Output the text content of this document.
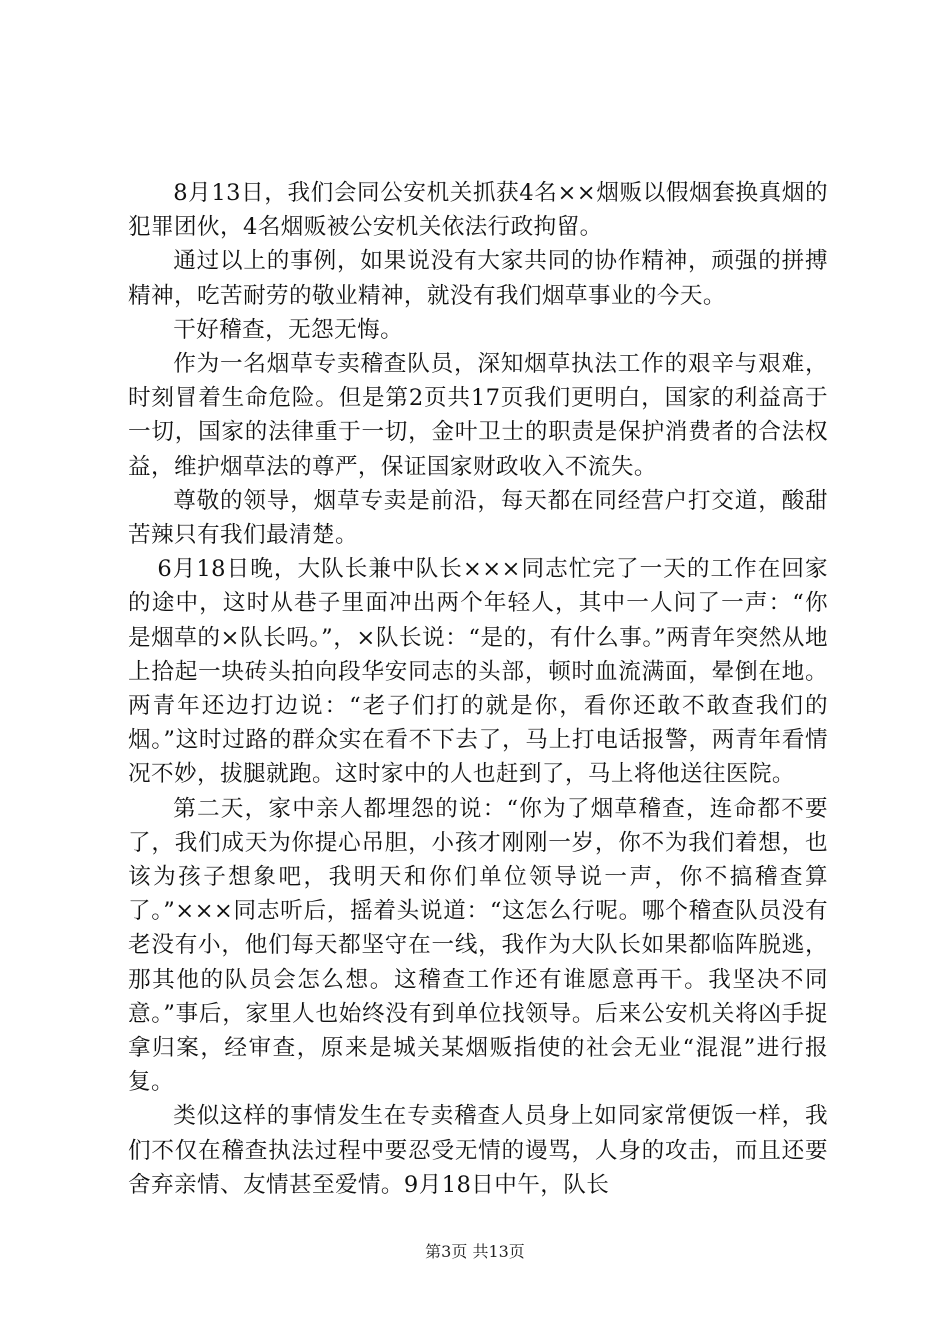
8月13日，我们会同公安机关抓获4名××烟贩以假烟套换真烟的犯罪团伙，4名烟贩被公安机关依法行政拘留。

通过以上的事例，如果说没有大家共同的协作精神，顽强的拼搏精神，吃苦耐劳的敬业精神，就没有我们烟草事业的今天。

干好稽查，无怨无悔。

作为一名烟草专卖稽查队员，深知烟草执法工作的艰辛与艰难，时刻冒着生命危险。但是第2页共17页我们更明白，国家的利益高于一切，国家的法律重于一切，金叶卫士的职责是保护消费者的合法权益，维护烟草法的尊严，保证国家财政收入不流失。

尊敬的领导，烟草专卖是前沿，每天都在同经营户打交道，酸甜苦辣只有我们最清楚。

6月18日晚，大队长兼中队长×××同志忙完了一天的工作在回家的途中，这时从巷子里面冲出两个年轻人，其中一人问了一声：“你是烟草的×队长吗。”，×队长说：“是的，有什么事。”两青年突然从地上拾起一块砖头拍向段华安同志的头部，顿时血流满面，晕倒在地。两青年还边打边说：“老子们打的就是你，看你还敢不敢查我们的烟。”这时过路的群众实在看不下去了，马上打电话报警，两青年看情况不妙，拔腿就跑。这时家中的人也赶到了，马上将他送往医院。

第二天，家中亲人都埋怨的说：“你为了烟草稽查，连命都不要了，我们成天为你提心吊胆，小孩才刚刚一岁，你不为我们着想，也该为孩子想象吧，我明天和你们单位领导说一声，你不搞稽查算了。”×××同志听后，摇着头说道：“这怎么行呢。哪个稽查队员没有老没有小，他们每天都坚守在一线，我作为大队长如果都临阵脱逃，那其他的队员会怎么想。这稽查工作还有谁愿意再干。我坚决不同意。”事后，家里人也始终没有到单位找领导。后来公安机关将凶手捉拿归案，经审查，原来是城关某烟贩指使的社会无业“混混”进行报复。

类似这样的事情发生在专卖稽查人员身上如同家常便饭一样，我们不仅在稽查执法过程中要忍受无情的谩骂，人身的攻击，而且还要舍弃亲情、友情甚至爱情。9月18日中午，队长

第3页 共13页
